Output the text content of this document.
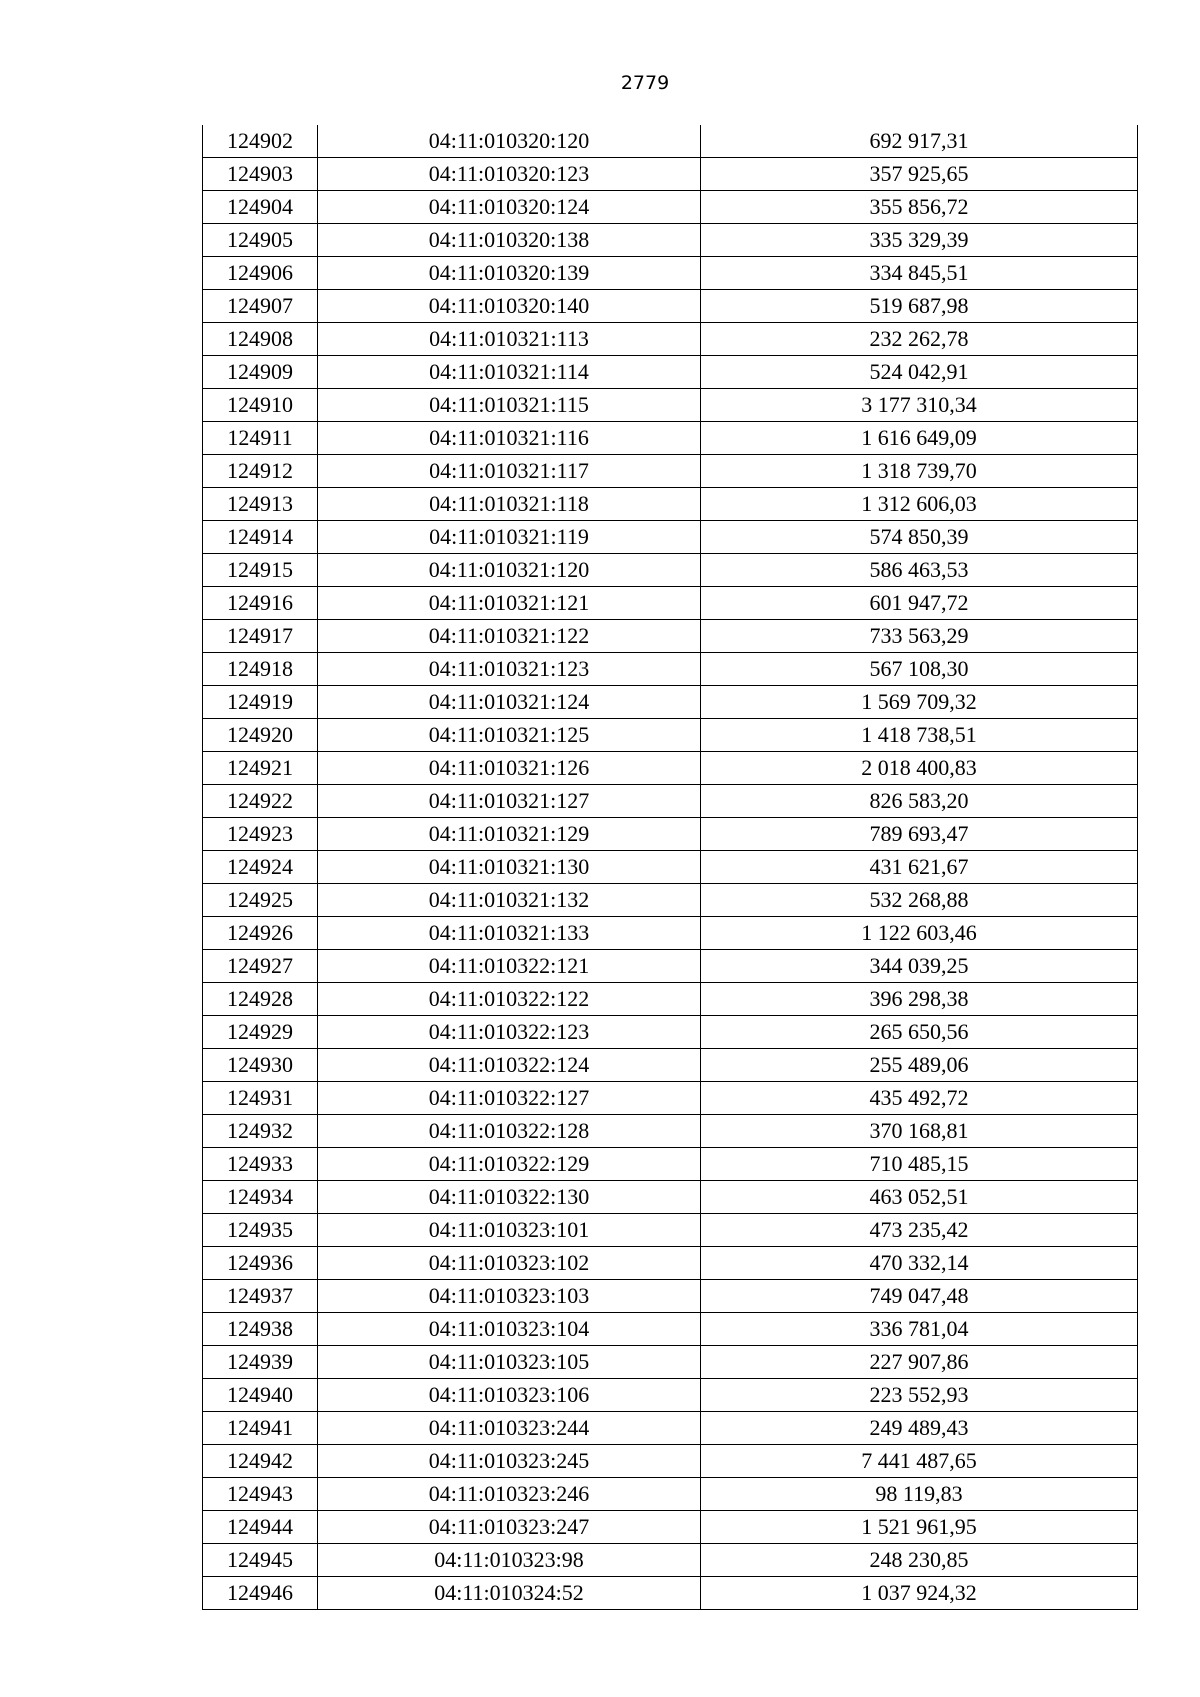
2779
124902	04:11:010320:120	692 917,31
124903	04:11:010320:123	357 925,65
124904	04:11:010320:124	355 856,72
124905	04:11:010320:138	335 329,39
124906	04:11:010320:139	334 845,51
124907	04:11:010320:140	519 687,98
124908	04:11:010321:113	232 262,78
124909	04:11:010321:114	524 042,91
124910	04:11:010321:115	3 177 310,34
124911	04:11:010321:116	1 616 649,09
124912	04:11:010321:117	1 318 739,70
124913	04:11:010321:118	1 312 606,03
124914	04:11:010321:119	574 850,39
124915	04:11:010321:120	586 463,53
124916	04:11:010321:121	601 947,72
124917	04:11:010321:122	733 563,29
124918	04:11:010321:123	567 108,30
124919	04:11:010321:124	1 569 709,32
124920	04:11:010321:125	1 418 738,51
124921	04:11:010321:126	2 018 400,83
124922	04:11:010321:127	826 583,20
124923	04:11:010321:129	789 693,47
124924	04:11:010321:130	431 621,67
124925	04:11:010321:132	532 268,88
124926	04:11:010321:133	1 122 603,46
124927	04:11:010322:121	344 039,25
124928	04:11:010322:122	396 298,38
124929	04:11:010322:123	265 650,56
124930	04:11:010322:124	255 489,06
124931	04:11:010322:127	435 492,72
124932	04:11:010322:128	370 168,81
124933	04:11:010322:129	710 485,15
124934	04:11:010322:130	463 052,51
124935	04:11:010323:101	473 235,42
124936	04:11:010323:102	470 332,14
124937	04:11:010323:103	749 047,48
124938	04:11:010323:104	336 781,04
124939	04:11:010323:105	227 907,86
124940	04:11:010323:106	223 552,93
124941	04:11:010323:244	249 489,43
124942	04:11:010323:245	7 441 487,65
124943	04:11:010323:246	98 119,83
124944	04:11:010323:247	1 521 961,95
124945	04:11:010323:98	248 230,85
124946	04:11:010324:52	1 037 924,32
